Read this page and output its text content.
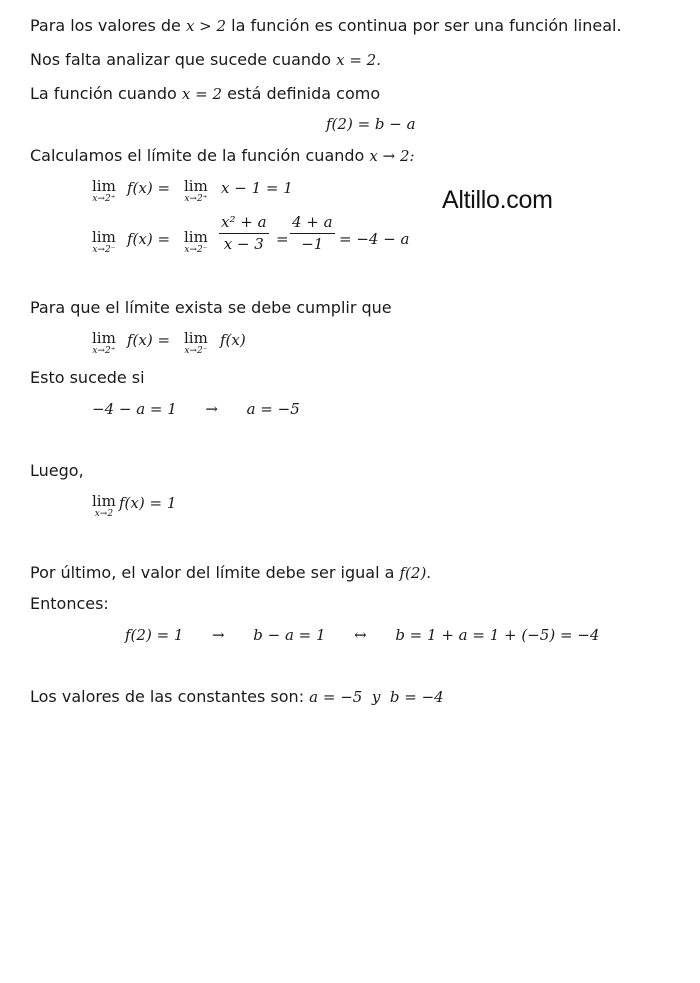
Altillo.com
Para los valores de x > 2 la función es continua por ser una función lineal.
Nos falta analizar que sucede cuando x = 2.
La función cuando x = 2 está definida como
f(2) = b − a
Calculamos el límite de la función cuando x → 2:
lim
x→2⁺
f(x) = lim
x→2⁺
x − 1 = 1
lim
x→2⁻
f(x) = lim
$x\to 2^- \frac{\text{x² + a}}{x - 3} = \frac{4 + a}{-1} = -4 - a$
Para que el límite exista se debe cumplir que
lim
x→2⁺
f(x) = lim
x→2⁻
f(x)
Esto sucede si
−4 − a = 1      →      a = −5
Luego,
lim
x→2
f(x) = 1
Por último, el valor del límite debe ser igual a f(2).
Entonces:
f(2) = 1      →      b − a = 1      ↔      b = 1 + a = 1 + (−5) = −4
Los valores de las constantes son: a = −5  y  b = −4
